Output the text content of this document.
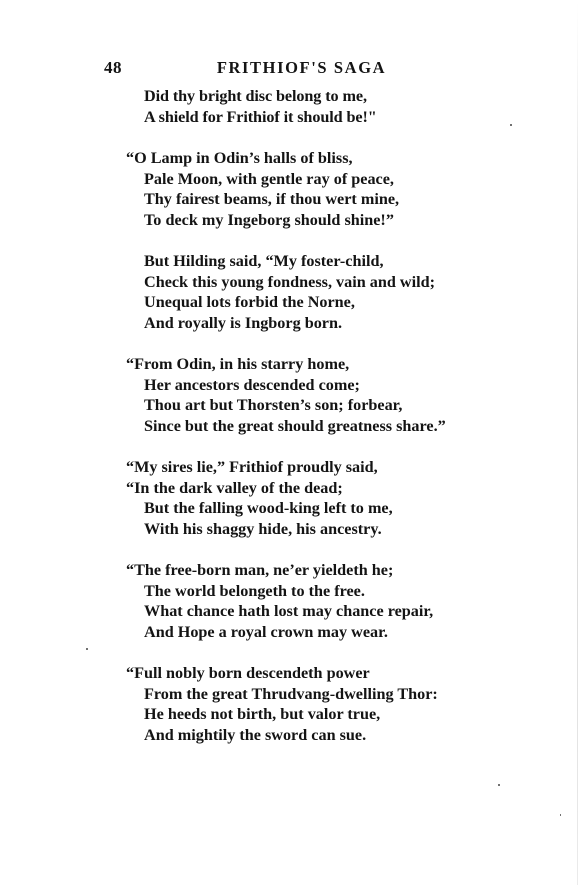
48	FRITHIOF'S SAGA
Did thy bright disc belong to me,
A shield for Frithiof it should be!"
“O Lamp in Odin’s halls of bliss,
Pale Moon, with gentle ray of peace,
Thy fairest beams, if thou wert mine,
To deck my Ingeborg should shine!”
But Hilding said, “My foster-child,
Check this young fondness, vain and wild;
Unequal lots forbid the Norne,
And royally is Ingborg born.
“From Odin, in his starry home,
Her ancestors descended come;
Thou art but Thorsten’s son; forbear,
Since but the great should greatness share.”
“My sires lie,” Frithiof proudly said,
“In the dark valley of the dead;
But the falling wood-king left to me,
With his shaggy hide, his ancestry.
“The free-born man, ne’er yieldeth he;
The world belongeth to the free.
What chance hath lost may chance repair,
And Hope a royal crown may wear.
“Full nobly born descendeth power
From the great Thrudvang-dwelling Thor:
He heeds not birth, but valor true,
And mightily the sword can sue.
